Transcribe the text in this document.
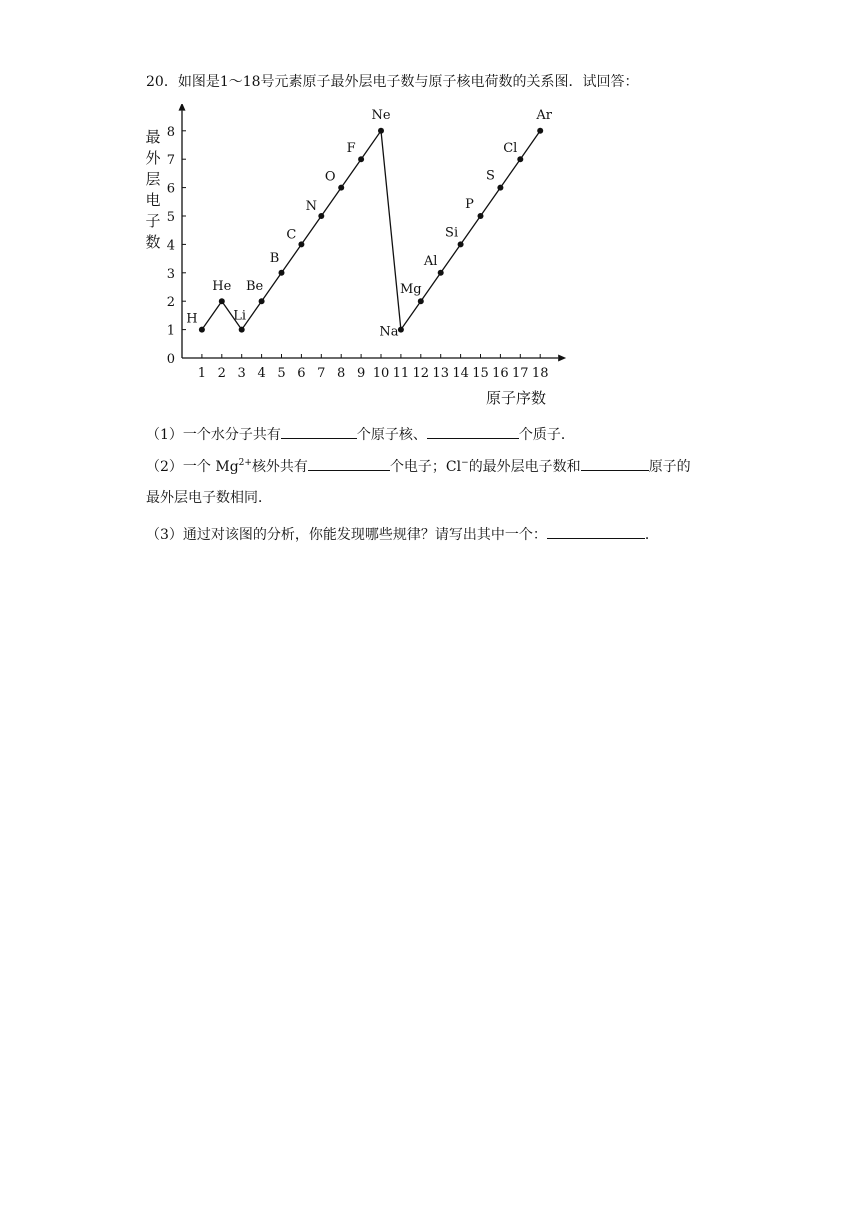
20．如图是1～18号元素原子最外层电子数与原子核电荷数的关系图．试回答：
1 2 3 4 5 6 7 8 9 10 11 12 13 14 15 16 17 18
0
1
2
3
4
5
6
7
8
H
He
Li
Be
B
C
N
O
F
Ne
Na
Mg
Al
Si
P
S
Cl
Ar
最
外
层
电
子
数
原子序数
（1）一个水分子共有	个原子核、	个质子．
（2）一个 $Mg^{2+}$核外共有	个电子；Cl−的最外层电子数和	原子的
最外层电子数相同．
（3）通过对该图的分析，你能发现哪些规律？请写出其中一个：	．
